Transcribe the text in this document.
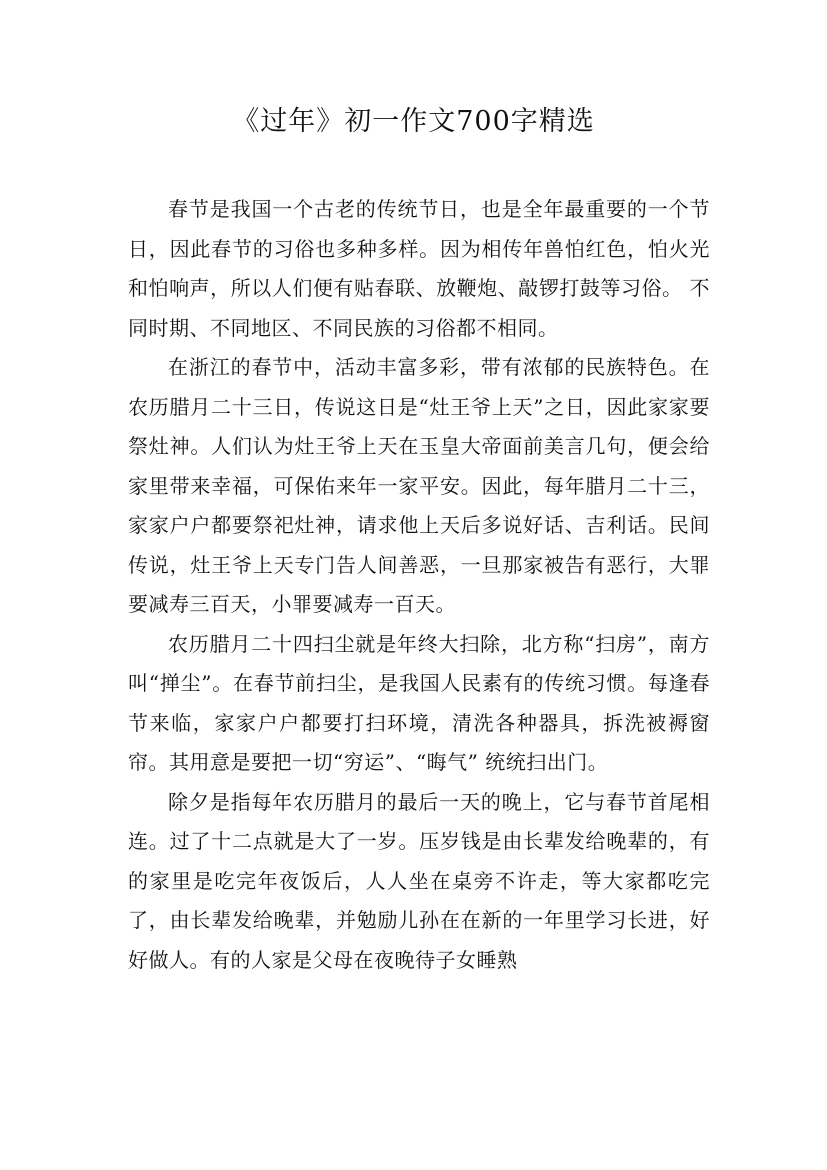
《过年》初一作文700字精选

春节是我国一个古老的传统节日，也是全年最重要的一个节日，因此春节的习俗也多种多样。因为相传年兽怕红色，怕火光和怕响声，所以人们便有贴春联、放鞭炮、敲锣打鼓等习俗。 不同时期、不同地区、不同民族的习俗都不相同。

在浙江的春节中，活动丰富多彩，带有浓郁的民族特色。在农历腊月二十三日，传说这日是“灶王爷上天”之日，因此家家要祭灶神。人们认为灶王爷上天在玉皇大帝面前美言几句，便会给家里带来幸福，可保佑来年一家平安。因此，每年腊月二十三，家家户户都要祭祀灶神，请求他上天后多说好话、吉利话。民间传说，灶王爷上天专门告人间善恶，一旦那家被告有恶行，大罪要减寿三百天，小罪要减寿一百天。

农历腊月二十四扫尘就是年终大扫除，北方称“扫房”，南方叫“掸尘”。在春节前扫尘，是我国人民素有的传统习惯。每逢春节来临，家家户户都要打扫环境，清洗各种器具，拆洗被褥窗帘。其用意是要把一切“穷运”、“晦气” 统统扫出门。

除夕是指每年农历腊月的最后一天的晚上，它与春节首尾相连。过了十二点就是大了一岁。压岁钱是由长辈发给晚辈的，有的家里是吃完年夜饭后，人人坐在桌旁不许走，等大家都吃完了，由长辈发给晚辈，并勉励儿孙在在新的一年里学习长进，好好做人。有的人家是父母在夜晚待子女睡熟
